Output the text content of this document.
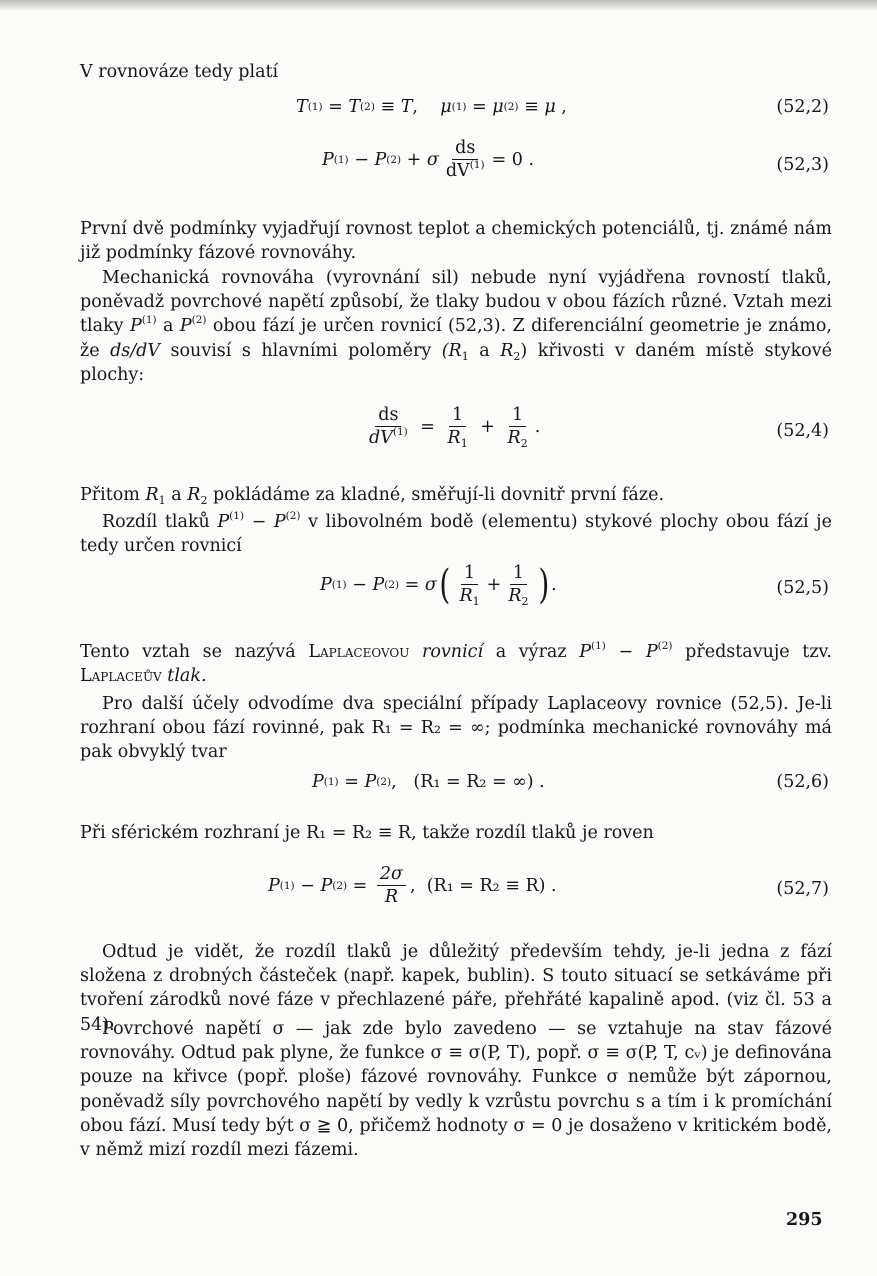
V rovnováze tedy platí
T (1) = T (2) ≡ T , μ (1) = μ (2) ≡ μ ,	(52,2)
P (1) − P (2) + σ $\frac{ds}{dV^{(1)}} = 0$ .	(52,3)
První dvě podmínky vyjadřují rovnost teplot a chemických potenciálů, tj. známé nám již podmínky fázové rovnováhy.
Mechanická rovnováha (vyrovnání sil) nebude nyní vyjádřena rovností tlaků, poněvadž povrchové napětí způsobí, že tlaky budou v obou fázích různé. Vztah mezi tlaky $P^{(1)}$ a $P^{(2)}$ obou fází je určen rovnicí (52,3). Z diferenciální geometrie je známo, že ds/dV souvisí s hlavními poloměry ($R_1$ a $R_2$) křivosti v daném místě stykové plochy:
$\frac{ds}{dV^{(1)}} = \frac{1}{R_1} + \frac{1}{R_2}$ .	(52,4)
Přitom $R_1$ a $R_2$ pokládáme za kladné, směřují-li dovnitř první fáze.
Rozdíl tlaků $P^{(1)} - P^{(2)}$ v libovolném bodě (elementu) stykové plochy obou fází je tedy určen rovnicí
P (1) − P (2) = σ ( $\frac{1}{R_1} + \frac{1}{R_2}$ ) .	(52,5)
Tento vztah se nazývá Laplaceovou rovnicí a výraz $P^{(1)} - P^{(2)}$ představuje tzv. Laplaceův tlak.
Pro další účely odvodíme dva speciální případy Laplaceovy rovnice (52,5). Je-li rozhraní obou fází rovinné, pak R₁ = R₂ = ∞; podmínka mechanické rovnováhy má pak obvyklý tvar
P (1)
=
P (2) , (R₁ = R₂ = ∞) .	(52,6)
Při sférickém rozhraní je R₁ = R₂ ≡ R, takže rozdíl tlaků je roven
P (1) − P $(2) = \frac{2\sigma}{R}$ , (R₁ = R₂ ≡ R) .	(52,7)
Odtud je vidět, že rozdíl tlaků je důležitý především tehdy, je-li jedna z fází složena z drobných částeček (např. kapek, bublin). S touto situací se setkáváme při tvoření zárodků nové fáze v přechlazené páře, přehřáté kapalině apod. (viz čl. 53 a 54).
Povrchové napětí σ — jak zde bylo zavedeno — se vztahuje na stav fázové rovnováhy. Odtud pak plyne, že funkce σ ≡ σ(P, T), popř. σ ≡ σ(P, T, cᵥ) je definována pouze na křivce (popř. ploše) fázové rovnováhy. Funkce σ nemůže být zápornou, poněvadž síly povrchového napětí by vedly k vzrůstu povrchu s a tím i k promíchání obou fází. Musí tedy být σ ≧ 0, přičemž hodnoty σ = 0 je dosaženo v kritickém bodě, v němž mizí rozdíl mezi fázemi.
295
